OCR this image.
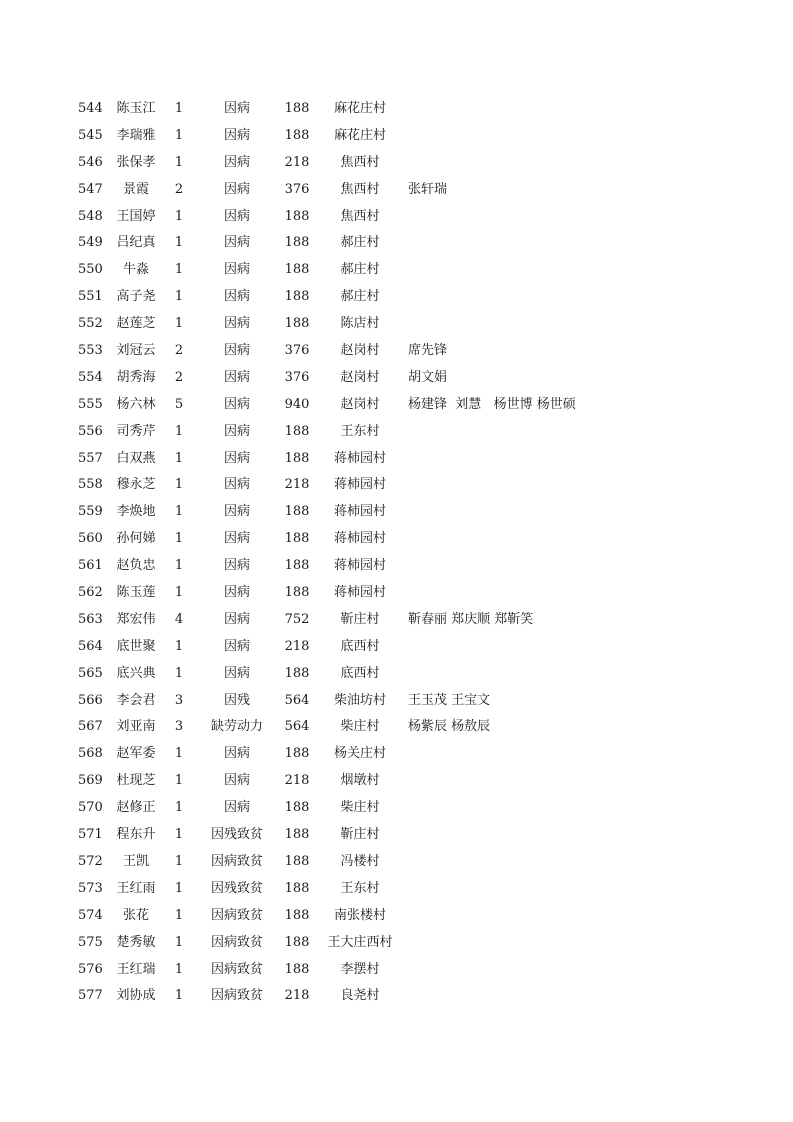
544	陈玉江	1	因病	188	麻花庄村
545	李瑞雅	1	因病	188	麻花庄村
546	张保孝	1	因病	218	焦西村
547	景霞	2	因病	376	焦西村	张轩瑞
548	王国婷	1	因病	188	焦西村
549	吕纪真	1	因病	188	郝庄村
550	牛淼	1	因病	188	郝庄村
551	高子尧	1	因病	188	郝庄村
552	赵莲芝	1	因病	188	陈店村
553	刘冠云	2	因病	376	赵岗村	席先锋
554	胡秀海	2	因病	376	赵岗村	胡文娟
555	杨六林	5	因病	940	赵岗村	杨建锋  刘慧   杨世博 杨世硕
556	司秀芹	1	因病	188	王东村
557	白双燕	1	因病	188	蒋柿园村
558	穆永芝	1	因病	218	蒋柿园村
559	李焕地	1	因病	188	蒋柿园村
560	孙何娣	1	因病	188	蒋柿园村
561	赵负忠	1	因病	188	蒋柿园村
562	陈玉莲	1	因病	188	蒋柿园村
563	郑宏伟	4	因病	752	靳庄村	靳春丽 郑庆顺 郑靳笑
564	底世聚	1	因病	218	底西村
565	底兴典	1	因病	188	底西村
566	李会君	3	因残	564	柴油坊村	王玉茂 王宝文
567	刘亚南	3	缺劳动力	564	柴庄村	杨紫辰 杨敖辰
568	赵军委	1	因病	188	杨关庄村
569	杜现芝	1	因病	218	烟墩村
570	赵修正	1	因病	188	柴庄村
571	程东升	1	因残致贫	188	靳庄村
572	王凯	1	因病致贫	188	冯楼村
573	王红雨	1	因残致贫	188	王东村
574	张花	1	因病致贫	188	南张楼村
575	楚秀敏	1	因病致贫	188 王大庄西村
576	王红瑞	1	因病致贫	188	李摆村
577	刘协成	1	因病致贫	218	良尧村
